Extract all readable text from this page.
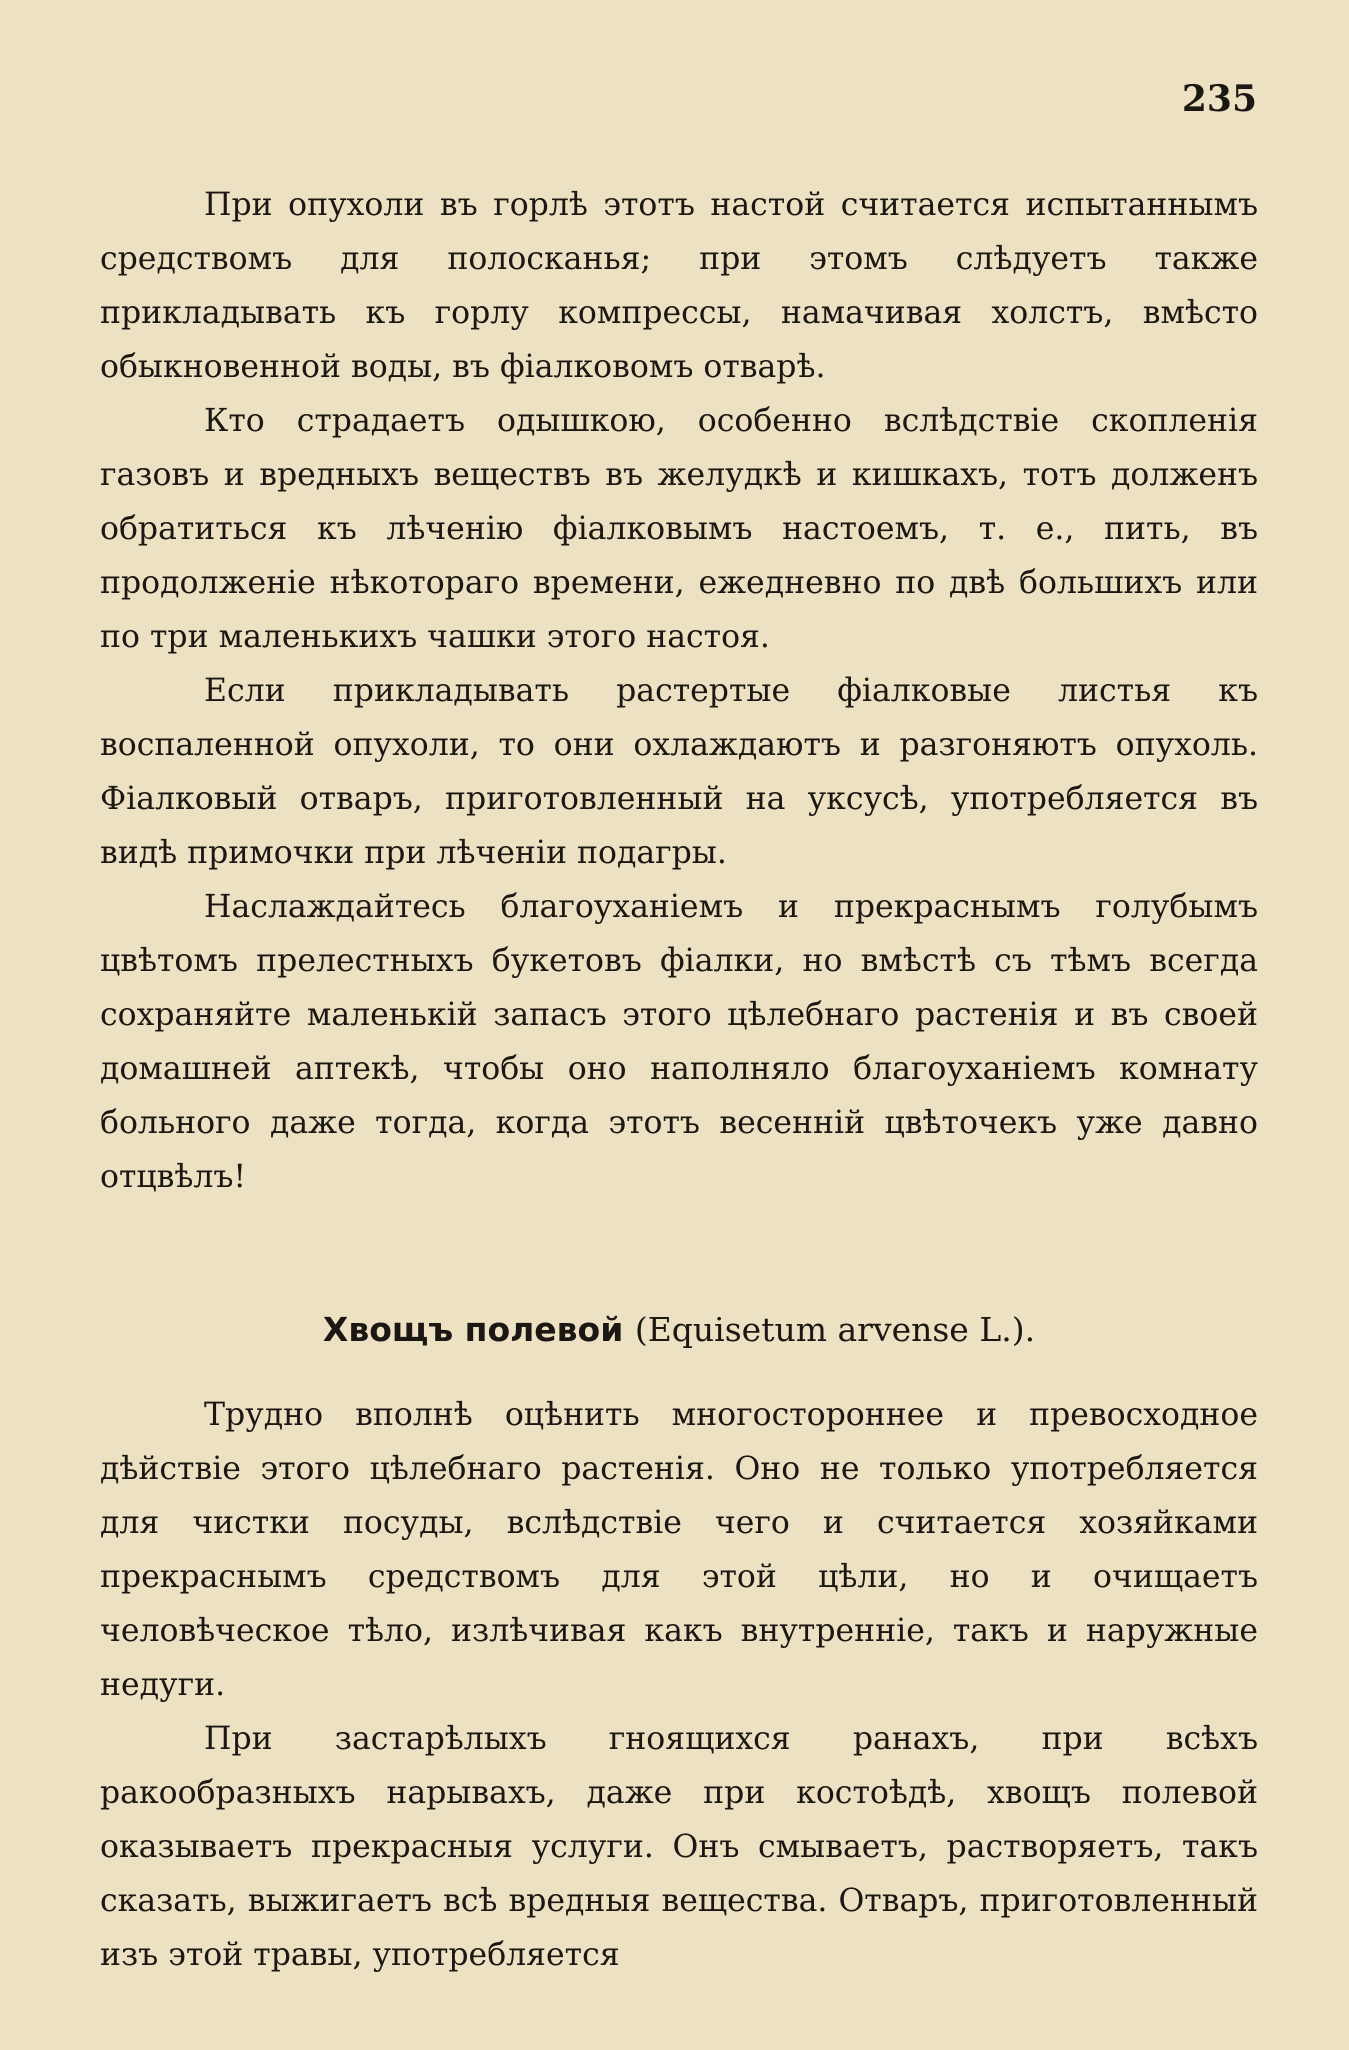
235

При опухоли въ горлѣ этотъ настой считается испытаннымъ средствомъ для полосканья; при этомъ слѣдуетъ также прикладывать къ горлу компрессы, намачивая холстъ, вмѣсто обыкновенной воды, въ фіалковомъ отварѣ.

Кто страдаетъ одышкою, особенно вслѣдствіе скопленія газовъ и вредныхъ веществъ въ желудкѣ и кишкахъ, тотъ долженъ обратиться къ лѣченію фіалковымъ настоемъ, т. е., пить, въ продолженіе нѣкотораго времени, ежедневно по двѣ большихъ или по три маленькихъ чашки этого настоя.

Если прикладывать растертые фіалковые листья къ воспаленной опухоли, то они охлаждаютъ и разгоняютъ опухоль. Фіалковый отваръ, приготовленный на уксусѣ, употребляется въ видѣ примочки при лѣченіи подагры.

Наслаждайтесь благоуханіемъ и прекраснымъ голубымъ цвѣтомъ прелестныхъ букетовъ фіалки, но вмѣстѣ съ тѣмъ всегда сохраняйте маленькій запасъ этого цѣлебнаго растенія и въ своей домашней аптекѣ, чтобы оно наполняло благоуханіемъ комнату больного даже тогда, когда этотъ весенній цвѣточекъ уже давно отцвѣлъ!

Хвощъ полевой (Equisetum arvense L.).

Трудно вполнѣ оцѣнить многостороннее и превосходное дѣйствіе этого цѣлебнаго растенія. Оно не только употребляется для чистки посуды, вслѣдствіе чего и считается хозяйками прекраснымъ средствомъ для этой цѣли, но и очищаетъ человѣческое тѣло, излѣчивая какъ внутренніе, такъ и наружные недуги.

При застарѣлыхъ гноящихся ранахъ, при всѣхъ ракообразныхъ нарывахъ, даже при костоѣдѣ, хвощъ полевой оказываетъ прекрасныя услуги. Онъ смываетъ, растворяетъ, такъ сказать, выжигаетъ всѣ вредныя вещества. Отваръ, приготовленный изъ этой травы, употребляется
